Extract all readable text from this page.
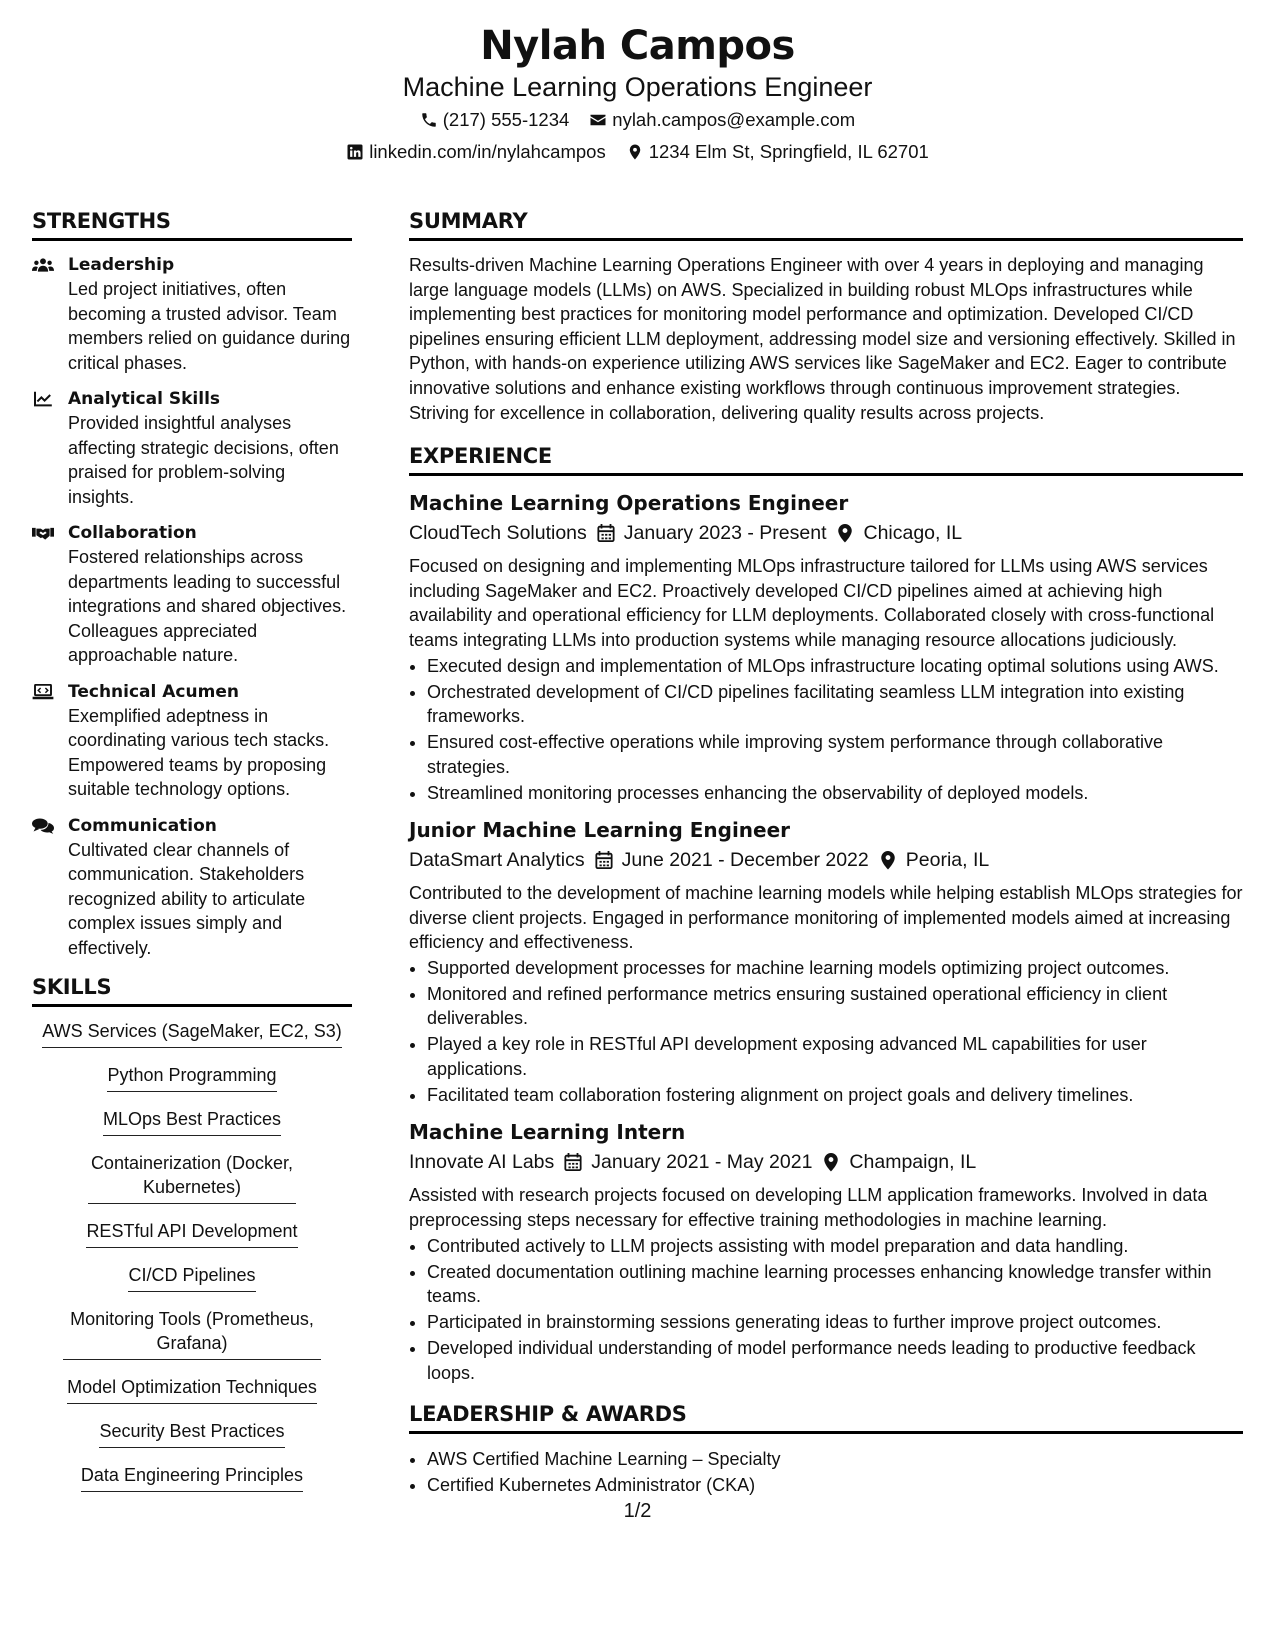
Nylah Campos
Machine Learning Operations Engineer
(217) 555-1234 nylah.campos@example.com
linkedin.com/in/nylahcampos 1234 Elm St, Springfield, IL 62701
STRENGTHS
Leadership
Led project initiatives, often becoming a trusted advisor. Team members relied on guidance during critical phases.
Analytical Skills
Provided insightful analyses affecting strategic decisions, often praised for problem-solving insights.
Collaboration
Fostered relationships across departments leading to successful integrations and shared objectives. Colleagues appreciated approachable nature.
Technical Acumen
Exemplified adeptness in coordinating various tech stacks. Empowered teams by proposing suitable technology options.
Communication
Cultivated clear channels of communication. Stakeholders recognized ability to articulate complex issues simply and effectively.
SKILLS
AWS Services (SageMaker, EC2, S3)
Python Programming
MLOps Best Practices
Containerization (Docker, Kubernetes)
RESTful API Development
CI/CD Pipelines
Monitoring Tools (Prometheus, Grafana)
Model Optimization Techniques
Security Best Practices
Data Engineering Principles
SUMMARY
Results-driven Machine Learning Operations Engineer with over 4 years in deploying and managing large language models (LLMs) on AWS. Specialized in building robust MLOps infrastructures while implementing best practices for monitoring model performance and optimization. Developed CI/CD pipelines ensuring efficient LLM deployment, addressing model size and versioning effectively. Skilled in Python, with hands-on experience utilizing AWS services like SageMaker and EC2. Eager to contribute innovative solutions and enhance existing workflows through continuous improvement strategies. Striving for excellence in collaboration, delivering quality results across projects.
EXPERIENCE
Machine Learning Operations Engineer
CloudTech Solutions January 2023 - Present Chicago, IL
Focused on designing and implementing MLOps infrastructure tailored for LLMs using AWS services including SageMaker and EC2. Proactively developed CI/CD pipelines aimed at achieving high availability and operational efficiency for LLM deployments. Collaborated closely with cross-functional teams integrating LLMs into production systems while managing resource allocations judiciously.
• Executed design and implementation of MLOps infrastructure locating optimal solutions using AWS.
• Orchestrated development of CI/CD pipelines facilitating seamless LLM integration into existing frameworks.
• Ensured cost-effective operations while improving system performance through collaborative strategies.
• Streamlined monitoring processes enhancing the observability of deployed models.
Junior Machine Learning Engineer
DataSmart Analytics June 2021 - December 2022 Peoria, IL
Contributed to the development of machine learning models while helping establish MLOps strategies for diverse client projects. Engaged in performance monitoring of implemented models aimed at increasing efficiency and effectiveness.
• Supported development processes for machine learning models optimizing project outcomes.
• Monitored and refined performance metrics ensuring sustained operational efficiency in client deliverables.
• Played a key role in RESTful API development exposing advanced ML capabilities for user applications.
• Facilitated team collaboration fostering alignment on project goals and delivery timelines.
Machine Learning Intern
Innovate AI Labs January 2021 - May 2021 Champaign, IL
Assisted with research projects focused on developing LLM application frameworks. Involved in data preprocessing steps necessary for effective training methodologies in machine learning.
• Contributed actively to LLM projects assisting with model preparation and data handling.
• Created documentation outlining machine learning processes enhancing knowledge transfer within teams.
• Participated in brainstorming sessions generating ideas to further improve project outcomes.
• Developed individual understanding of model performance needs leading to productive feedback loops.
LEADERSHIP & AWARDS
• AWS Certified Machine Learning – Specialty
• Certified Kubernetes Administrator (CKA)
1/2
